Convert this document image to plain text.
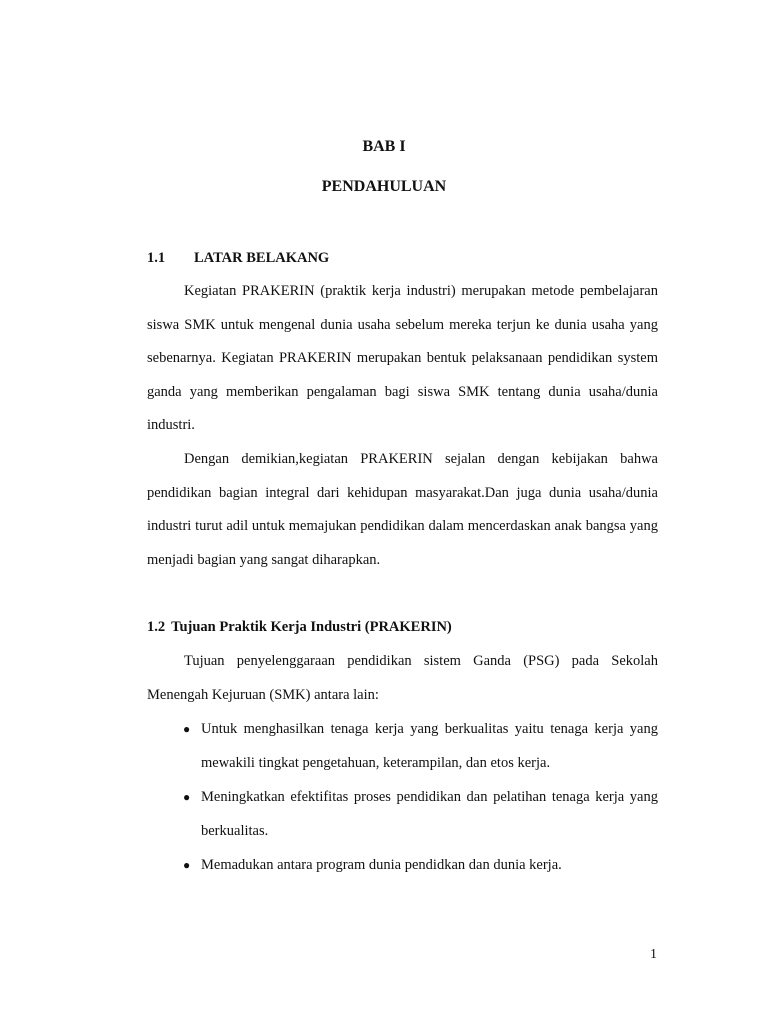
BAB I
PENDAHULUAN
1.1 LATAR BELAKANG

Kegiatan PRAKERIN (praktik kerja industri) merupakan metode pembelajaran siswa SMK untuk mengenal dunia usaha sebelum mereka terjun ke dunia usaha yang sebenarnya. Kegiatan PRAKERIN merupakan bentuk pelaksanaan pendidikan system ganda yang memberikan pengalaman bagi siswa SMK tentang dunia usaha/dunia industri.

Dengan demikian,kegiatan PRAKERIN sejalan dengan kebijakan bahwa pendidikan bagian integral dari kehidupan masyarakat.Dan juga dunia usaha/dunia industri turut adil untuk memajukan pendidikan dalam mencerdaskan anak bangsa yang menjadi bagian yang sangat diharapkan.

1.2 Tujuan Praktik Kerja Industri (PRAKERIN)

Tujuan penyelenggaraan pendidikan sistem Ganda (PSG) pada Sekolah Menengah Kejuruan (SMK) antara lain:

● Untuk menghasilkan tenaga kerja yang berkualitas yaitu tenaga kerja yang mewakili tingkat pengetahuan, keterampilan, dan etos kerja.
● Meningkatkan efektifitas proses pendidikan dan pelatihan tenaga kerja yang berkualitas.
● Memadukan antara program dunia pendidkan dan dunia kerja.

1
